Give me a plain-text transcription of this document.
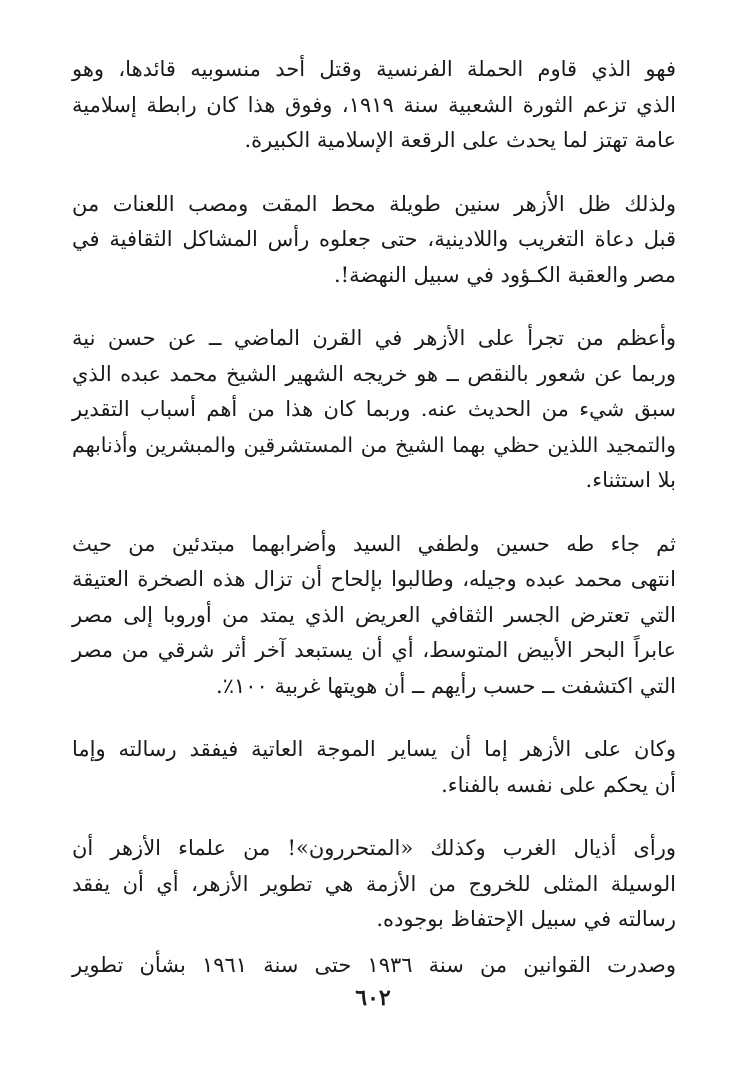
فهو الذي قاوم الحملة الفرنسية وقتل أحد منسوبيه قائدها، وهو
الذي تزعم الثورة الشعبية سنة ١٩١٩، وفوق هذا كان رابطة إسلامية
عامة تهتز لما يحدث على الرقعة الإسلامية الكبيرة.

ولذلك ظل الأزهر سنين طويلة محط المقت ومصب اللعنات من
قبل دعاة التغريب واللادينية، حتى جعلوه رأس المشاكل الثقافية في
مصر والعقبة الكـؤود في سبيل النهضة!.

وأعظم من تجرأ على الأزهر في القرن الماضي ــ عن حسن نية
وربما عن شعور بالنقص ــ هو خريجه الشهير الشيخ محمد عبده الذي
سبق شيء من الحديث عنه. وربما كان هذا من أهم أسباب التقدير
والتمجيد اللذين حظي بهما الشيخ من المستشرقين والمبشرين وأذنابهم
بلا استثناء.

ثم جاء طه حسين ولطفي السيد وأضرابهما مبتدئين من حيث
انتهى محمد عبده وجيله، وطالبوا بإلحاح أن تزال هذه الصخرة العتيقة
التي تعترض الجسر الثقافي العريض الذي يمتد من أوروبا إلى مصر
عابراً البحر الأبيض المتوسط، أي أن يستبعد آخر أثر شرقي من مصر
التي اكتشفت ــ حسب رأيهم ــ أن هويتها غربية ١٠٠٪.

وكان على الأزهر إما أن يساير الموجة العاتية فيفقد رسالته وإما
أن يحكم على نفسه بالفناء.

ورأى أذيال الغرب وكذلك «المتحررون»! من علماء الأزهر أن
الوسيلة المثلى للخروج من الأزمة هي تطوير الأزهر، أي أن يفقد
رسالته في سبيل الإحتفاظ بوجوده.

وصدرت القوانين من سنة ١٩٣٦ حتى سنة ١٩٦١ بشأن تطوير

٦٠٢
